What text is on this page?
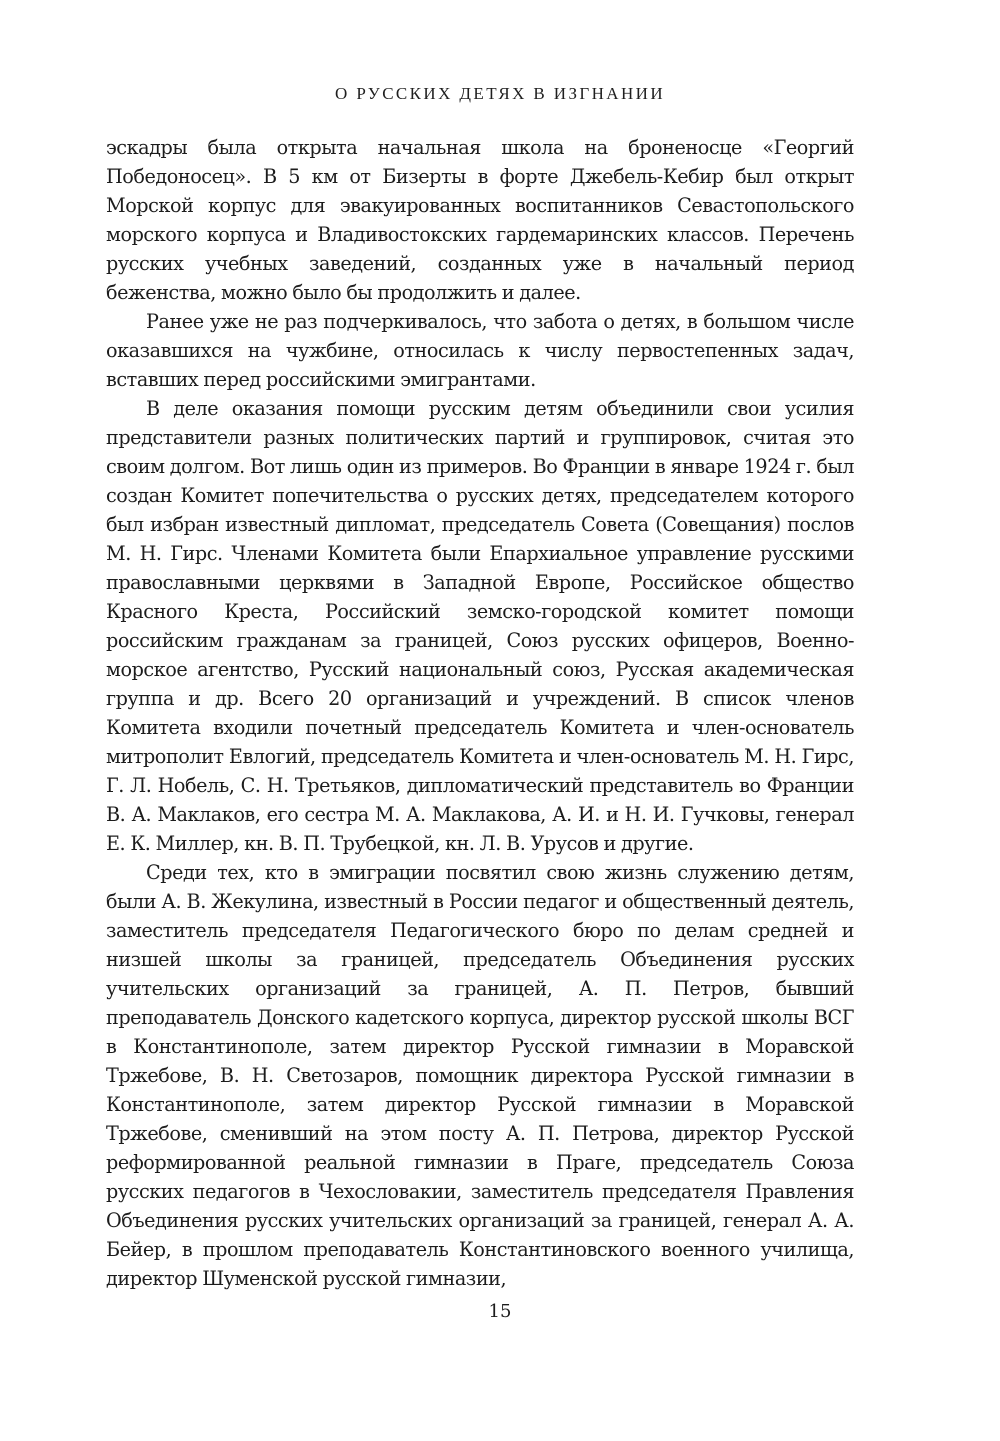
О РУССКИХ ДЕТЯХ В ИЗГНАНИИ

эскадры была открыта начальная школа на броненосце «Георгий Победоносец». В 5 км от Бизерты в форте Джебель-Кебир был открыт Морской корпус для эвакуированных воспитанников Севастопольского морского корпуса и Владивостокских гардемаринских классов. Перечень русских учебных заведений, созданных уже в начальный период беженства, можно было бы продолжить и далее.

Ранее уже не раз подчеркивалось, что забота о детях, в большом числе оказавшихся на чужбине, относилась к числу первостепенных задач, вставших перед российскими эмигрантами.

В деле оказания помощи русским детям объединили свои усилия представители разных политических партий и группировок, считая это своим долгом. Вот лишь один из примеров. Во Франции в январе 1924 г. был создан Комитет попечительства о русских детях, председателем которого был избран известный дипломат, председатель Совета (Совещания) послов М. Н. Гирс. Членами Комитета были Епархиальное управление русскими православными церквями в Западной Европе, Российское общество Красного Креста, Российский земско-городской комитет помощи российским гражданам за границей, Союз русских офицеров, Военно-морское агентство, Русский национальный союз, Русская академическая группа и др. Всего 20 организаций и учреждений. В список членов Комитета входили почетный председатель Комитета и член-основатель митрополит Евлогий, председатель Комитета и член-основатель М. Н. Гирс, Г. Л. Нобель, С. Н. Третьяков, дипломатический представитель во Франции В. А. Маклаков, его сестра М. А. Маклакова, А. И. и Н. И. Гучковы, генерал Е. К. Миллер, кн. В. П. Трубецкой, кн. Л. В. Урусов и другие.

Среди тех, кто в эмиграции посвятил свою жизнь служению детям, были А. В. Жекулина, известный в России педагог и общественный деятель, заместитель председателя Педагогического бюро по делам средней и низшей школы за границей, председатель Объединения русских учительских организаций за границей, А. П. Петров, бывший преподаватель Донского кадетского корпуса, директор русской школы ВСГ в Константинополе, затем директор Русской гимназии в Моравской Тржебове, В. Н. Светозаров, помощник директора Русской гимназии в Константинополе, затем директор Русской гимназии в Моравской Тржебове, сменивший на этом посту А. П. Петрова, директор Русской реформированной реальной гимназии в Праге, председатель Союза русских педагогов в Чехословакии, заместитель председателя Правления Объединения русских учительских организаций за границей, генерал А. А. Бейер, в прошлом преподаватель Константиновского военного училища, директор Шуменской русской гимназии,

15
